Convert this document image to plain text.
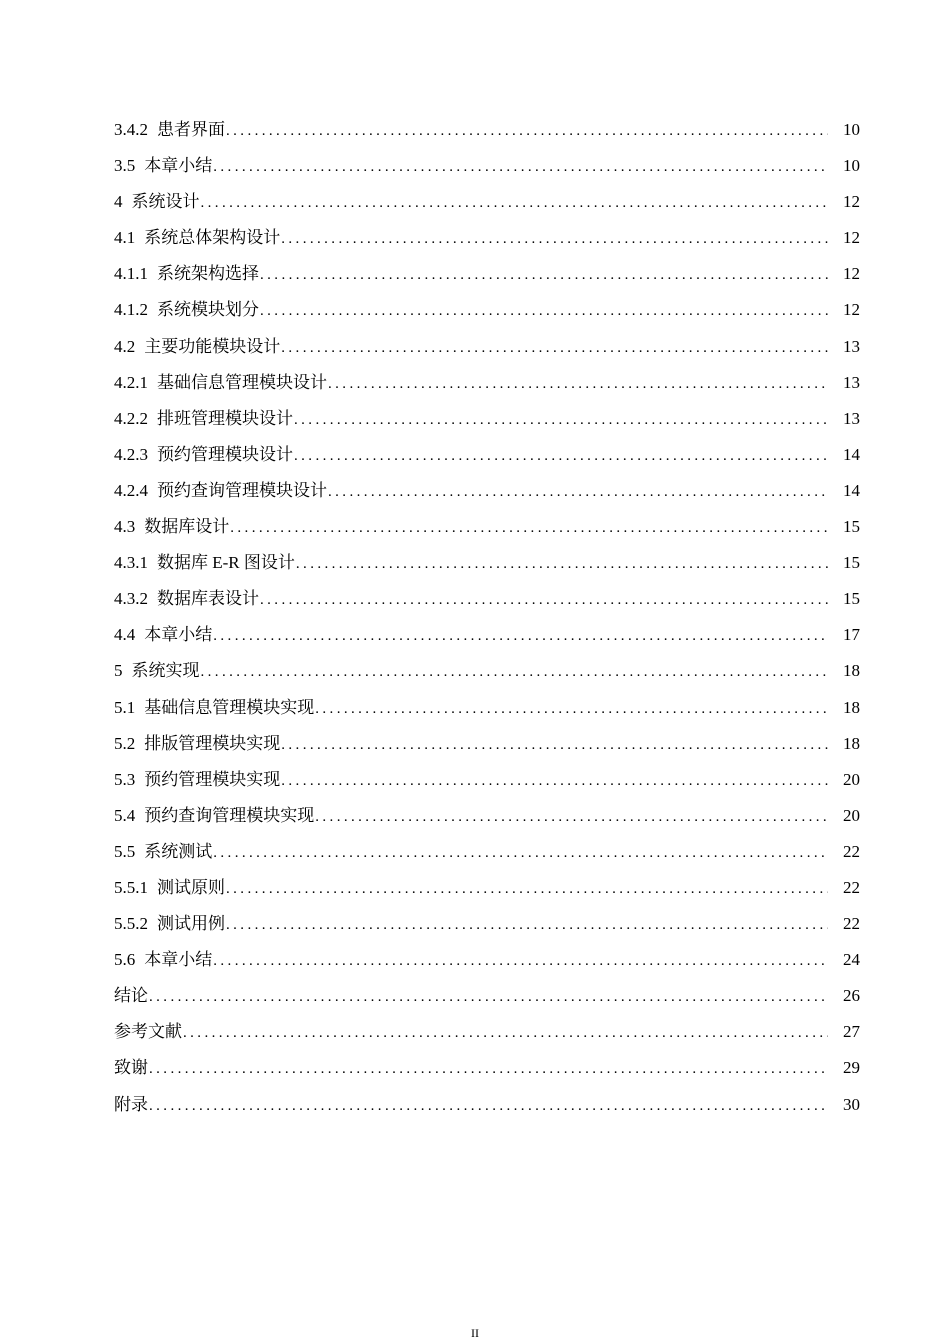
3.4.2 患者界面 .....	10
3.5 本章小结 .....	10
4 系统设计 .....	12
4.1 系统总体架构设计 .....	12
4.1.1 系统架构选择 .....	12
4.1.2 系统模块划分 .....	12
4.2 主要功能模块设计 .....	13
4.2.1 基础信息管理模块设计 .....	13
4.2.2 排班管理模块设计 .....	13
4.2.3 预约管理模块设计 .....	14
4.2.4 预约查询管理模块设计 .....	14
4.3 数据库设计 .....	15
4.3.1 数据库 E-R 图设计 .....	15
4.3.2 数据库表设计 .....	15
4.4 本章小结 .....	17
5 系统实现 .....	18
5.1 基础信息管理模块实现 .....	18
5.2 排版管理模块实现 .....	18
5.3 预约管理模块实现 .....	20
5.4 预约查询管理模块实现 .....	20
5.5 系统测试 .....	22
5.5.1 测试原则 .....	22
5.5.2 测试用例 .....	22
5.6 本章小结 .....	24
结论 .....	26
参考文献 .....	27
致谢 .....	29
附录 .....	30
II
